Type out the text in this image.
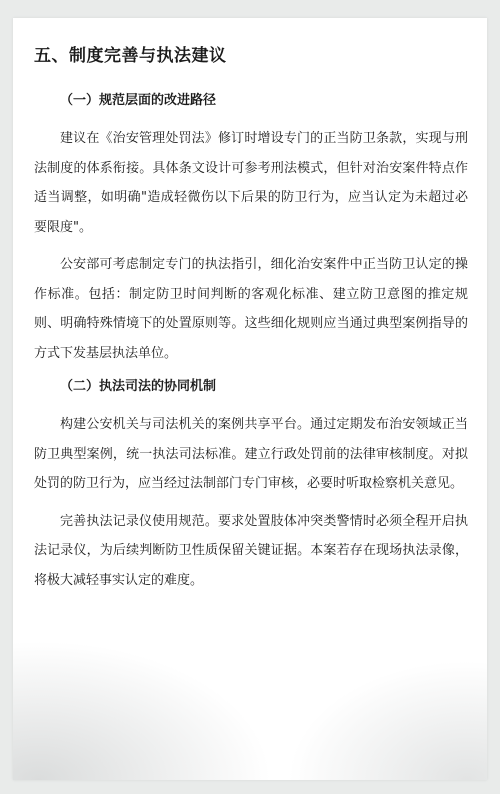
五、制度完善与执法建议
（一）规范层面的改进路径

建议在《治安管理处罚法》修订时增设专门的正当防卫条款，实现与刑法制度的体系衔接。具体条文设计可参考刑法模式，但针对治安案件特点作适当调整，如明确"造成轻微伤以下后果的防卫行为，应当认定为未超过必要限度"。

公安部可考虑制定专门的执法指引，细化治安案件中正当防卫认定的操作标准。包括：制定防卫时间判断的客观化标准、建立防卫意图的推定规则、明确特殊情境下的处置原则等。这些细化规则应当通过典型案例指导的方式下发基层执法单位。

（二）执法司法的协同机制

构建公安机关与司法机关的案例共享平台。通过定期发布治安领域正当防卫典型案例，统一执法司法标准。建立行政处罚前的法律审核制度。对拟处罚的防卫行为，应当经过法制部门专门审核，必要时听取检察机关意见。

完善执法记录仪使用规范。要求处置肢体冲突类警情时必须全程开启执法记录仪，为后续判断防卫性质保留关键证据。本案若存在现场执法录像，将极大减轻事实认定的难度。
